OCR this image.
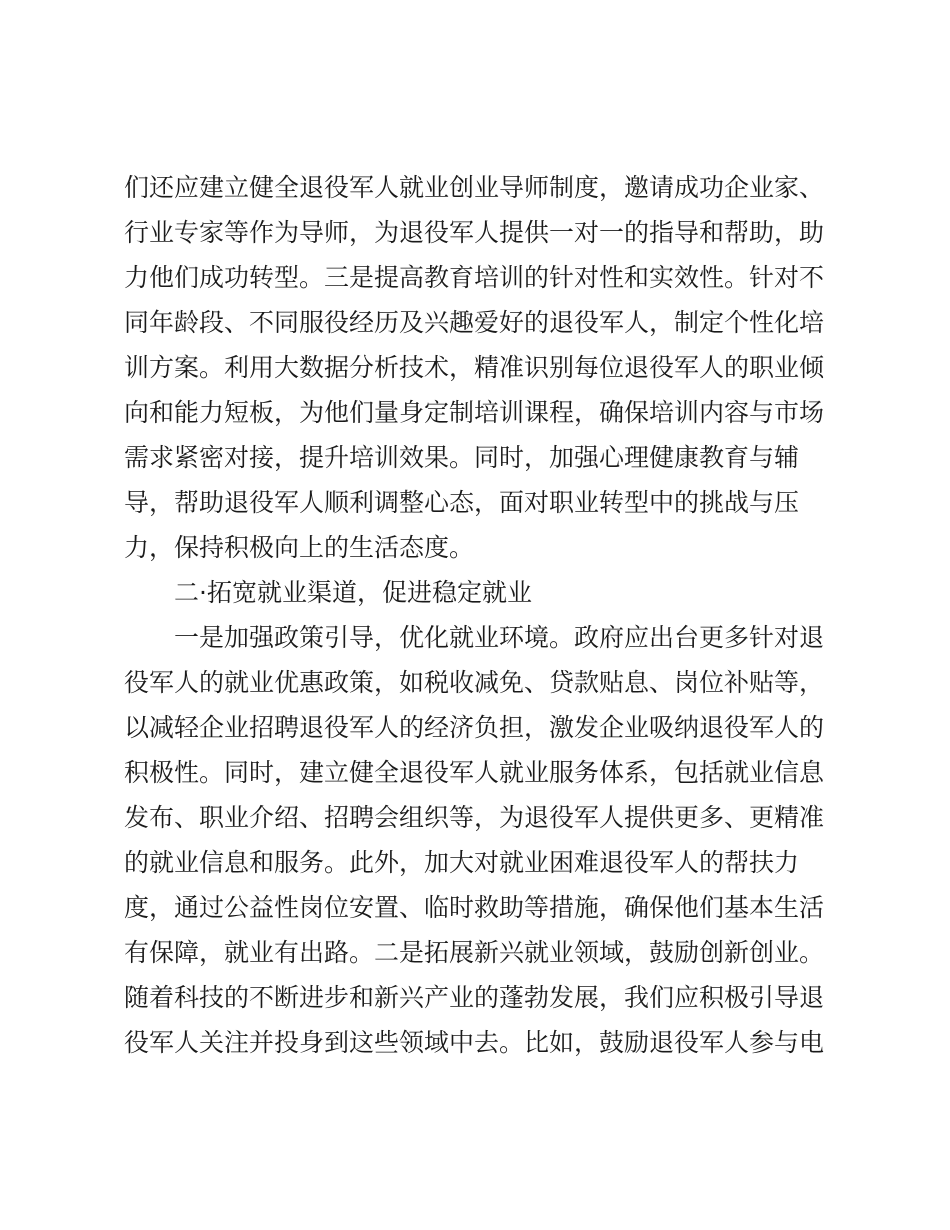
们还应建立健全退役军人就业创业导师制度，邀请成功企业家、
行业专家等作为导师，为退役军人提供一对一的指导和帮助，助
力他们成功转型。三是提高教育培训的针对性和实效性。针对不
同年龄段、不同服役经历及兴趣爱好的退役军人，制定个性化培
训方案。利用大数据分析技术，精准识别每位退役军人的职业倾
向和能力短板，为他们量身定制培训课程，确保培训内容与市场
需求紧密对接，提升培训效果。同时，加强心理健康教育与辅
导，帮助退役军人顺利调整心态，面对职业转型中的挑战与压
力，保持积极向上的生活态度。
二·拓宽就业渠道，促进稳定就业
一是加强政策引导，优化就业环境。政府应出台更多针对退
役军人的就业优惠政策，如税收减免、贷款贴息、岗位补贴等，
以减轻企业招聘退役军人的经济负担，激发企业吸纳退役军人的
积极性。同时，建立健全退役军人就业服务体系，包括就业信息
发布、职业介绍、招聘会组织等，为退役军人提供更多、更精准
的就业信息和服务。此外，加大对就业困难退役军人的帮扶力
度，通过公益性岗位安置、临时救助等措施，确保他们基本生活
有保障，就业有出路。二是拓展新兴就业领域，鼓励创新创业。
随着科技的不断进步和新兴产业的蓬勃发展，我们应积极引导退
役军人关注并投身到这些领域中去。比如，鼓励退役军人参与电
